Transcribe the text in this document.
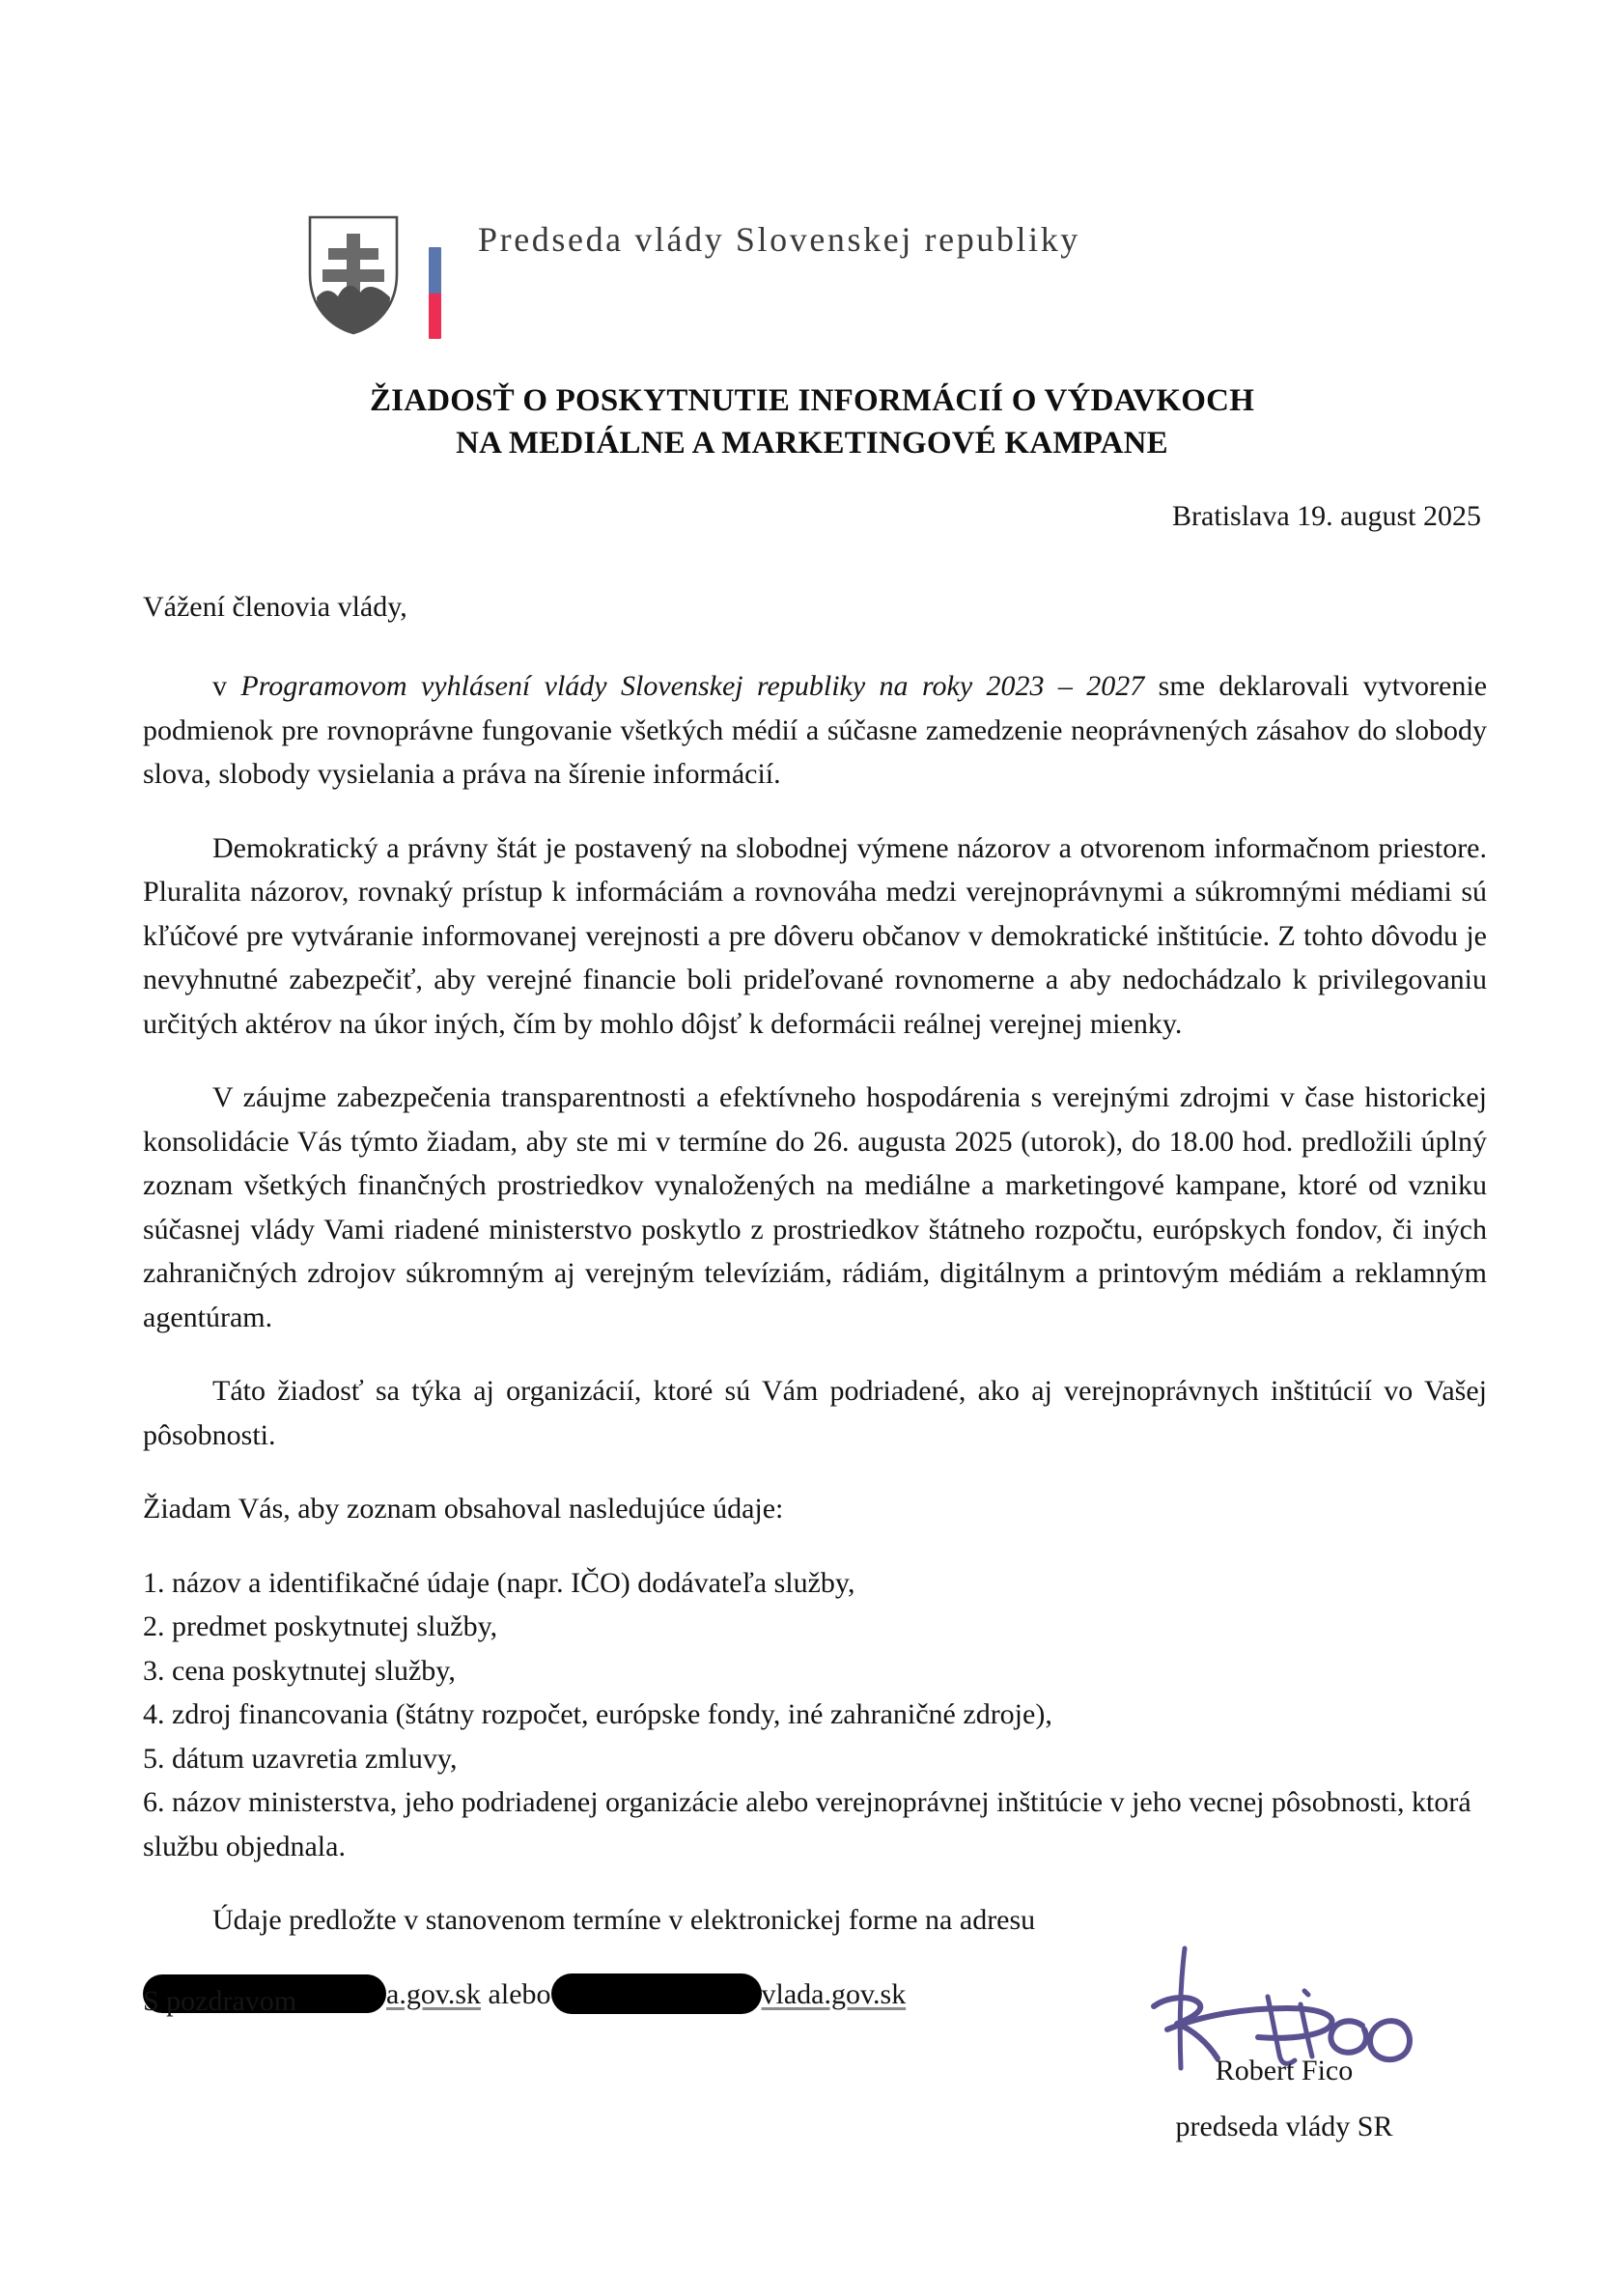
Predseda vlády Slovenskej republiky
ŽIADOSŤ O POSKYTNUTIE INFORMÁCIÍ O VÝDAVKOCH
NA MEDIÁLNE A MARKETINGOVÉ KAMPANE
Bratislava 19. august 2025
Vážení členovia vlády,

v Programovom vyhlásení vlády Slovenskej republiky na roky 2023 – 2027 sme deklarovali vytvorenie podmienok pre rovnoprávne fungovanie všetkých médií a súčasne zamedzenie neoprávnených zásahov do slobody slova, slobody vysielania a práva na šírenie informácií.

Demokratický a právny štát je postavený na slobodnej výmene názorov a otvorenom informačnom priestore. Pluralita názorov, rovnaký prístup k informáciám a rovnováha medzi verejnoprávnymi a súkromnými médiami sú kľúčové pre vytváranie informovanej verejnosti a pre dôveru občanov v demokratické inštitúcie. Z tohto dôvodu je nevyhnutné zabezpečiť, aby verejné financie boli prideľované rovnomerne a aby nedochádzalo k privilegovaniu určitých aktérov na úkor iných, čím by mohlo dôjsť k deformácii reálnej verejnej mienky.

V záujme zabezpečenia transparentnosti a efektívneho hospodárenia s verejnými zdrojmi v čase historickej konsolidácie Vás týmto žiadam, aby ste mi v termíne do 26. augusta 2025 (utorok), do 18.00 hod. predložili úplný zoznam všetkých finančných prostriedkov vynaložených na mediálne a marketingové kampane, ktoré od vzniku súčasnej vlády Vami riadené ministerstvo poskytlo z prostriedkov štátneho rozpočtu, európskych fondov, či iných zahraničných zdrojov súkromným aj verejným televíziám, rádiám, digitálnym a printovým médiám a reklamným agentúram.

Táto žiadosť sa týka aj organizácií, ktoré sú Vám podriadené, ako aj verejnoprávnych inštitúcií vo Vašej pôsobnosti.

Žiadam Vás, aby zoznam obsahoval nasledujúce údaje:

1. názov a identifikačné údaje (napr. IČO) dodávateľa služby,

2. predmet poskytnutej služby,

3. cena poskytnutej služby,

4. zdroj financovania (štátny rozpočet, európske fondy, iné zahraničné zdroje),

5. dátum uzavretia zmluvy,

6. názov ministerstva, jeho podriadenej organizácie alebo verejnoprávnej inštitúcie v jeho vecnej pôsobnosti, ktorá službu objednala.

Údaje predložte v stanovenom termíne v elektronickej forme na adresu

a.gov.sk alebo	vlada.gov.sk
S pozdravom
Robert Fico
predseda vlády SR
